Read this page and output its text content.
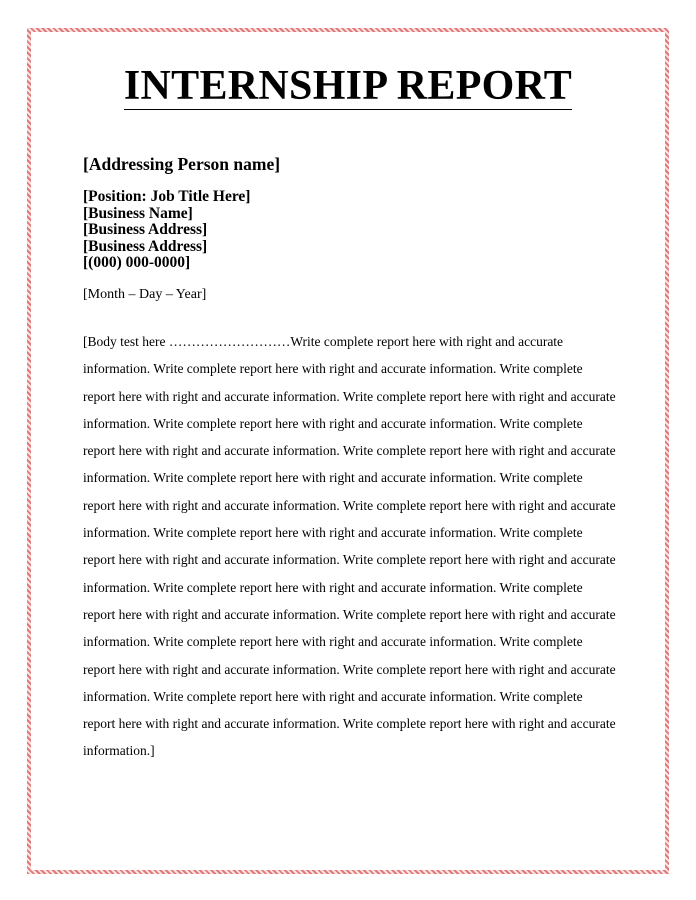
INTERNSHIP REPORT
[Addressing Person name]
[Position: Job Title Here]
[Business Name]
[Business Address]
[Business Address]
[(000) 000-0000]
[Month – Day – Year]
[Body test here ………………………Write complete report here with right and accurate information. Write complete report here with right and accurate information. Write complete report here with right and accurate information. Write complete report here with right and accurate information. Write complete report here with right and accurate information. Write complete report here with right and accurate information. Write complete report here with right and accurate information. Write complete report here with right and accurate information. Write complete report here with right and accurate information. Write complete report here with right and accurate information. Write complete report here with right and accurate information. Write complete report here with right and accurate information. Write complete report here with right and accurate information. Write complete report here with right and accurate information. Write complete report here with right and accurate information. Write complete report here with right and accurate information. Write complete report here with right and accurate information. Write complete report here with right and accurate information. Write complete report here with right and accurate information. Write complete report here with right and accurate information. Write complete report here with right and accurate information. Write complete report here with right and accurate information.]
